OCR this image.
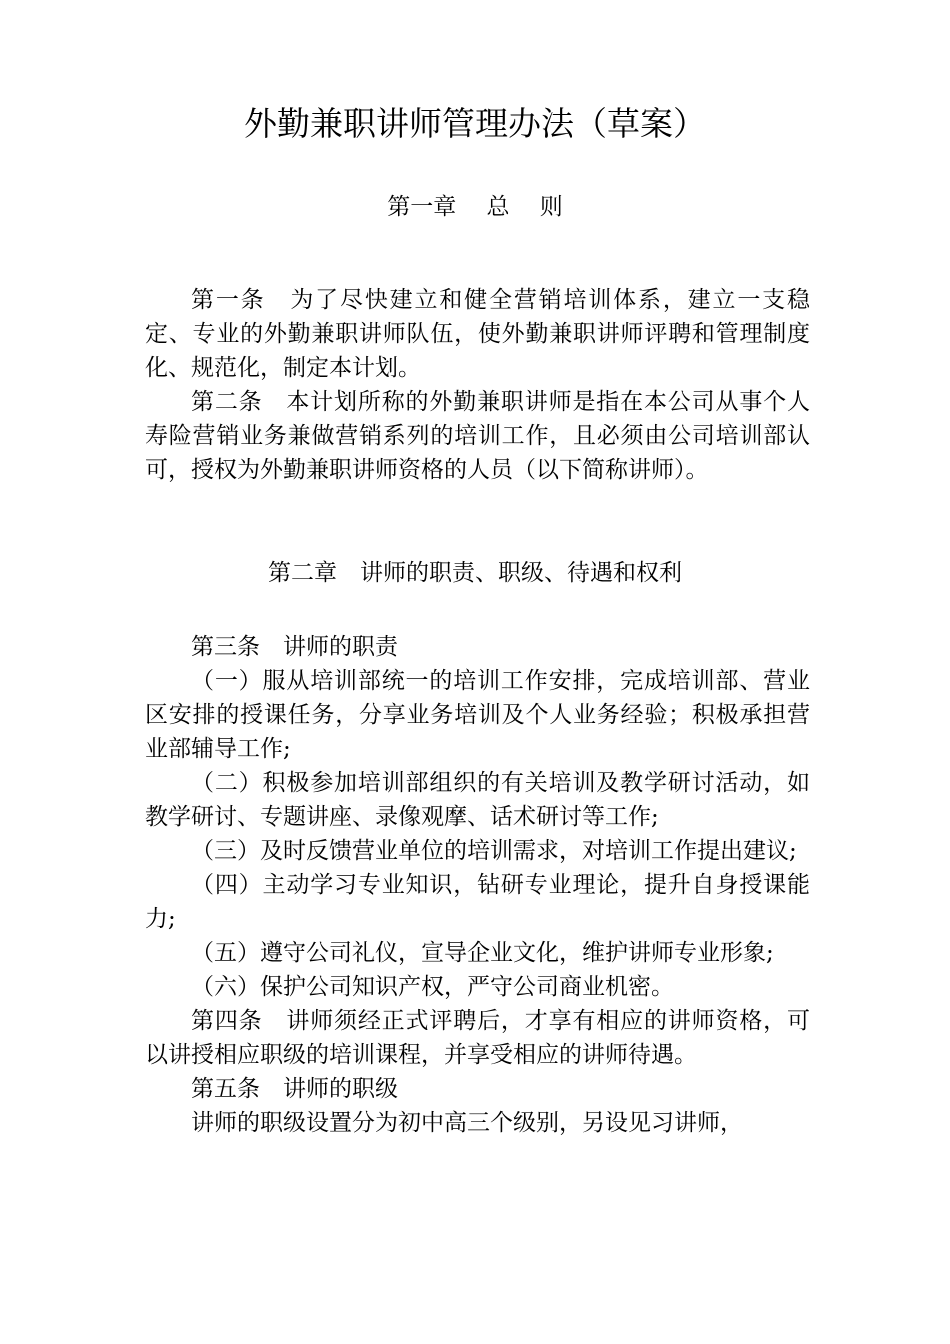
外勤兼职讲师管理办法（草案）
第一章　 总　 则

第一条　为了尽快建立和健全营销培训体系，建立一支稳定、专业的外勤兼职讲师队伍，使外勤兼职讲师评聘和管理制度化、规范化，制定本计划。

第二条　本计划所称的外勤兼职讲师是指在本公司从事个人寿险营销业务兼做营销系列的培训工作，且必须由公司培训部认可，授权为外勤兼职讲师资格的人员（以下简称讲师）。

第二章　讲师的职责、职级、待遇和权利

第三条　讲师的职责

（一）服从培训部统一的培训工作安排，完成培训部、营业区安排的授课任务，分享业务培训及个人业务经验；积极承担营业部辅导工作;

（二）积极参加培训部组织的有关培训及教学研讨活动，如教学研讨、专题讲座、录像观摩、话术研讨等工作;

（三）及时反馈营业单位的培训需求，对培训工作提出建议;

（四）主动学习专业知识，钻研专业理论，提升自身授课能力;

（五）遵守公司礼仪，宣导企业文化，维护讲师专业形象;

（六）保护公司知识产权，严守公司商业机密。

第四条　讲师须经正式评聘后，才享有相应的讲师资格，可以讲授相应职级的培训课程，并享受相应的讲师待遇。

第五条　讲师的职级

讲师的职级设置分为初中高三个级别，另设见习讲师，
